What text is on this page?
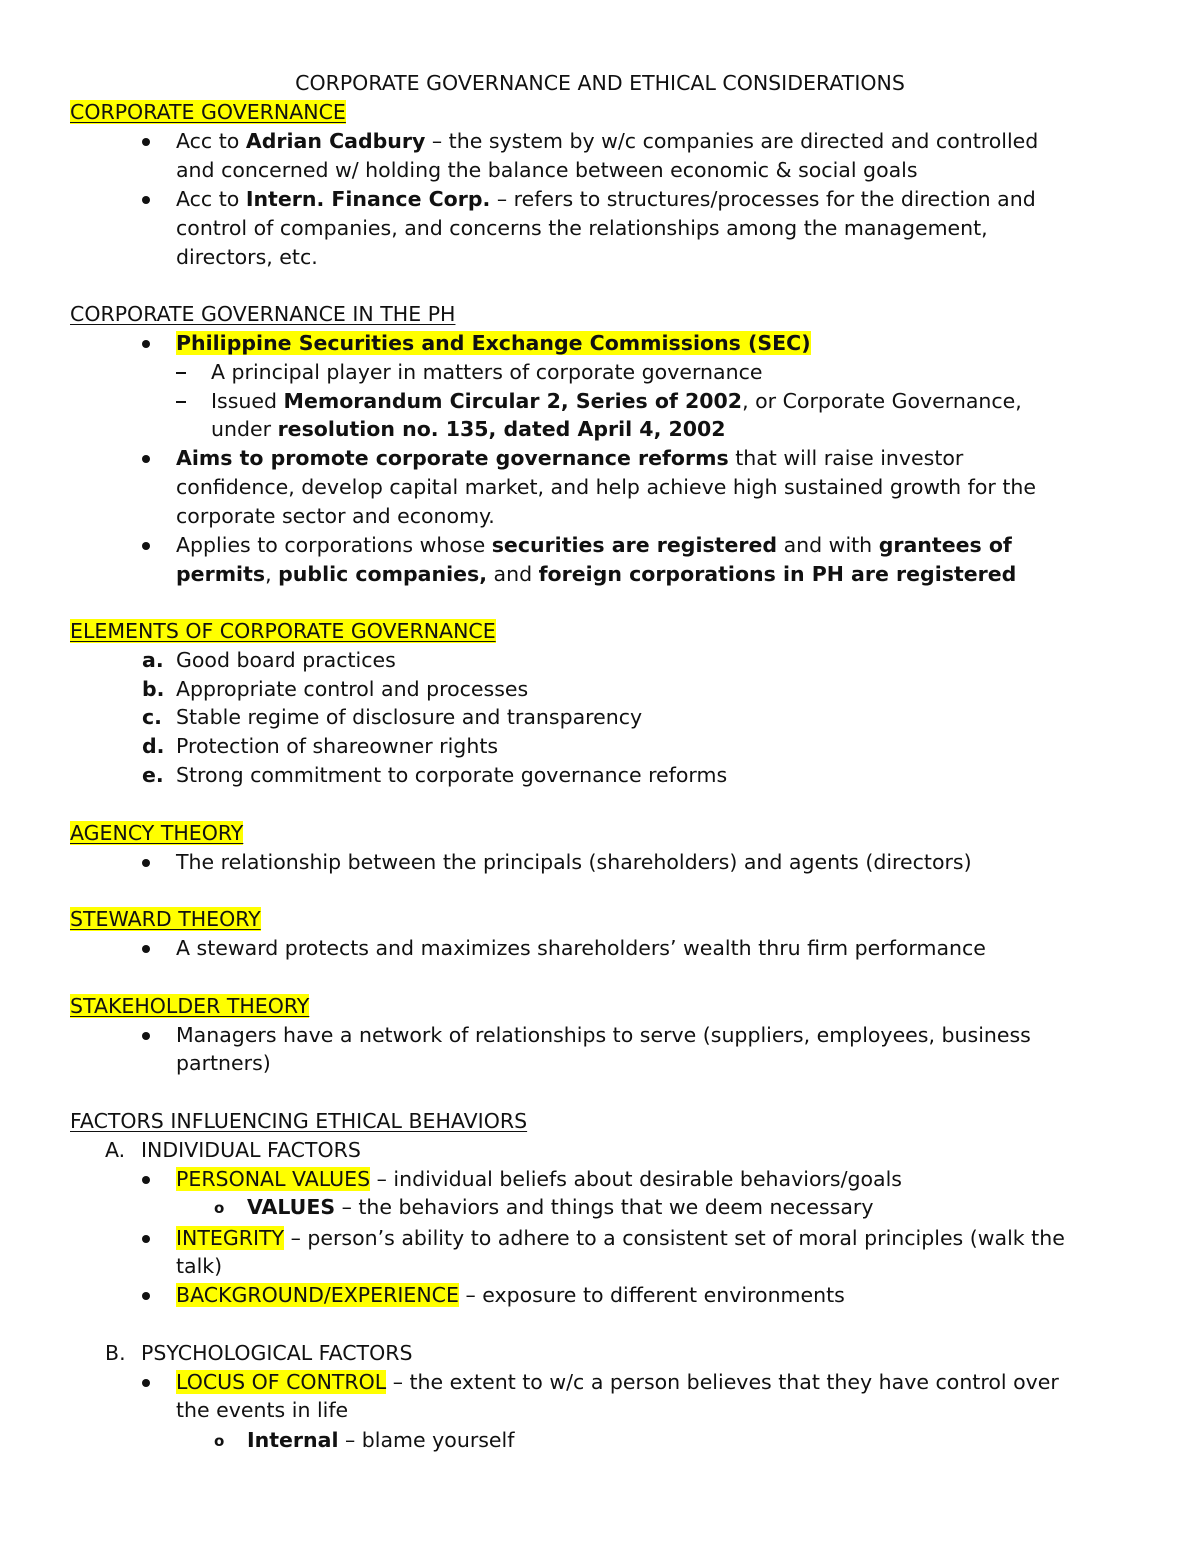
CORPORATE GOVERNANCE AND ETHICAL CONSIDERATIONS
CORPORATE GOVERNANCE
Acc to Adrian Cadbury – the system by w/c companies are directed and controlled
and concerned w/ holding the balance between economic & social goals
Acc to Intern. Finance Corp. – refers to structures/processes for the direction and
control of companies, and concerns the relationships among the management,
directors, etc.
CORPORATE GOVERNANCE IN THE PH
Philippine Securities and Exchange Commissions (SEC)
A principal player in matters of corporate governance
Issued Memorandum Circular 2, Series of 2002, or Corporate Governance,
under resolution no. 135, dated April 4, 2002
Aims to promote corporate governance reforms that will raise investor
confidence, develop capital market, and help achieve high sustained growth for the
corporate sector and economy.
Applies to corporations whose securities are registered and with grantees of
permits, public companies, and foreign corporations in PH are registered
ELEMENTS OF CORPORATE GOVERNANCE
a. Good board practices
b. Appropriate control and processes
c. Stable regime of disclosure and transparency
d. Protection of shareowner rights
e. Strong commitment to corporate governance reforms
AGENCY THEORY
The relationship between the principals (shareholders) and agents (directors)
STEWARD THEORY
A steward protects and maximizes shareholders’ wealth thru firm performance
STAKEHOLDER THEORY
Managers have a network of relationships to serve (suppliers, employees, business
partners)
FACTORS INFLUENCING ETHICAL BEHAVIORS
A. INDIVIDUAL FACTORS
PERSONAL VALUES – individual beliefs about desirable behaviors/goals
o VALUES – the behaviors and things that we deem necessary
INTEGRITY – person’s ability to adhere to a consistent set of moral principles (walk the
talk)
BACKGROUND/EXPERIENCE – exposure to different environments
B. PSYCHOLOGICAL FACTORS
LOCUS OF CONTROL – the extent to w/c a person believes that they have control over
the events in life
o Internal – blame yourself
